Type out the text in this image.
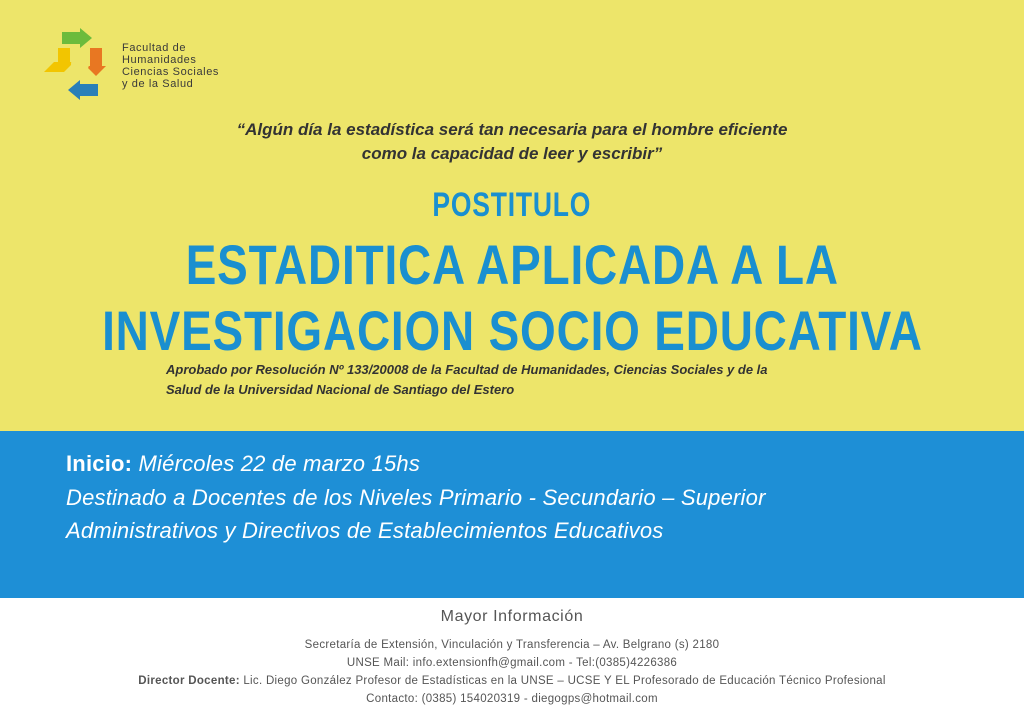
Facultad de
Humanidades
Ciencias Sociales
y de la Salud
“Algún día la estadística será tan necesaria para el hombre eficiente
como la capacidad de leer y escribir”
POSTITULO
ESTADITICA APLICADA A LA
INVESTIGACION SOCIO EDUCATIVA
Aprobado por Resolución Nº 133/20008 de la Facultad de Humanidades, Ciencias Sociales y de la
Salud de la Universidad Nacional de Santiago del Estero
Inicio: Miércoles 22 de marzo 15hs
Destinado a Docentes de los Niveles Primario - Secundario – Superior
Administrativos y Directivos de Establecimientos Educativos
Mayor Información
Secretaría de Extensión, Vinculación y Transferencia – Av. Belgrano (s) 2180
UNSE Mail: info.extensionfh@gmail.com - Tel:(0385)4226386
Director Docente: Lic. Diego González Profesor de Estadísticas en la UNSE – UCSE Y EL Profesorado de Educación Técnico Profesional
Contacto: (0385) 154020319 - diegogps@hotmail.com
